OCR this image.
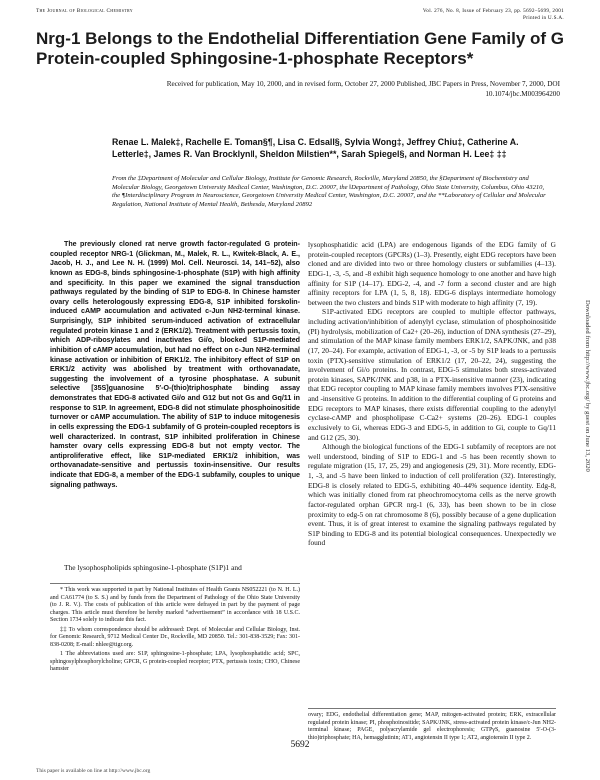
The Journal of Biological Chemistry	Vol. 276, No. 8, Issue of February 23, pp. 5692–5699, 2001
Printed in U.S.A.
Nrg-1 Belongs to the Endothelial Differentiation Gene Family of G Protein-coupled Sphingosine-1-phosphate Receptors*
Received for publication, May 10, 2000, and in revised form, October 27, 2000 Published, JBC Papers in Press, November 7, 2000, DOI 10.1074/jbc.M003964200
Renae L. Malek‡, Rachelle E. Toman§¶, Lisa C. Edsall§, Sylvia Wong‡, Jeffrey Chiu‡, Catherine A. Letterle‡, James R. Van Brocklyn‖, Sheldon Milstien**, Sarah Spiegel§, and Norman H. Lee‡ ‡‡
From the ‡Department of Molecular and Cellular Biology, Institute for Genomic Research, Rockville, Maryland 20850, the §Department of Biochemistry and Molecular Biology, Georgetown University Medical Center, Washington, D.C. 20007, the ‖Department of Pathology, Ohio State University, Columbus, Ohio 43210, the ¶Interdisciplinary Program in Neuroscience, Georgetown University Medical Center, Washington, D.C. 20007, and the **Laboratory of Cellular and Molecular Regulation, National Institute of Mental Health, Bethesda, Maryland 20892
The previously cloned rat nerve growth factor-regulated G protein-coupled receptor NRG-1 (Glickman, M., Malek, R. L., Kwitek-Black, A. E., Jacob, H. J., and Lee N. H. (1999) Mol. Cell. Neurosci. 14, 141–52), also known as EDG-8, binds sphingosine-1-phosphate (S1P) with high affinity and specificity. In this paper we examined the signal transduction pathways regulated by the binding of S1P to EDG-8. In Chinese hamster ovary cells heterologously expressing EDG-8, S1P inhibited forskolin-induced cAMP accumulation and activated c-Jun NH2-terminal kinase. Surprisingly, S1P inhibited serum-induced activation of extracellular regulated protein kinase 1 and 2 (ERK1/2). Treatment with pertussis toxin, which ADP-ribosylates and inactivates Gi/o, blocked S1P-mediated inhibition of cAMP accumulation, but had no effect on c-Jun NH2-terminal kinase activation or inhibition of ERK1/2. The inhibitory effect of S1P on ERK1/2 activity was abolished by treatment with orthovanadate, suggesting the involvement of a tyrosine phosphatase. A subunit selective [35S]guanosine 5′-O-(thio)triphosphate binding assay demonstrates that EDG-8 activated Gi/o and G12 but not Gs and Gq/11 in response to S1P. In agreement, EDG-8 did not stimulate phosphoinositide turnover or cAMP accumulation. The ability of S1P to induce mitogenesis in cells expressing the EDG-1 subfamily of G protein-coupled receptors is well characterized. In contrast, S1P inhibited proliferation in Chinese hamster ovary cells expressing EDG-8 but not empty vector. The antiproliferative effect, like S1P-mediated ERK1/2 inhibition, was orthovanadate-sensitive and pertussis toxin-insensitive. Our results indicate that EDG-8, a member of the EDG-1 subfamily, couples to unique signaling pathways.
The lysophospholipids sphingosine-1-phosphate (S1P)1 and

* This work was supported in part by National Institutes of Health Grants NS052221 (to N. H. L.) and CA61774 (to S. S.) and by funds from the Department of Pathology of the Ohio State University (to J. R. V.). The costs of publication of this article were defrayed in part by the payment of page charges. This article must therefore be hereby marked “advertisement” in accordance with 18 U.S.C. Section 1734 solely to indicate this fact.

‡‡ To whom correspondence should be addressed: Dept. of Molecular and Cellular Biology, Inst. for Genomic Research, 9712 Medical Center Dr., Rockville, MD 20850. Tel.: 301-838-3529; Fax: 301-838-0208; E-mail: nhlee@tigr.org.

1 The abbreviations used are: S1P, sphingosine-1-phosphate; LPA, lysophosphatidic acid; SPC, sphingosylphosphorylcholine; GPCR, G protein-coupled receptor; PTX, pertussis toxin; CHO, Chinese hamster

lysophosphatidic acid (LPA) are endogenous ligands of the EDG family of G protein-coupled receptors (GPCRs) (1–3). Presently, eight EDG receptors have been cloned and are divided into two or three homology clusters or subfamilies (4–13). EDG-1, -3, -5, and -8 exhibit high sequence homology to one another and have high affinity for S1P (14–17). EDG-2, -4, and -7 form a second cluster and are high affinity receptors for LPA (1, 5, 8, 18). EDG-6 displays intermediate homology between the two clusters and binds S1P with moderate to high affinity (7, 19).

S1P-activated EDG receptors are coupled to multiple effector pathways, including activation/inhibition of adenylyl cyclase, stimulation of phosphoinositide (PI) hydrolysis, mobilization of Ca2+ (20–26), induction of DNA synthesis (27–29), and stimulation of the MAP kinase family members ERK1/2, SAPK/JNK, and p38 (17, 20–24). For example, activation of EDG-1, -3, or -5 by S1P leads to a pertussis toxin (PTX)-sensitive stimulation of ERK1/2 (17, 20–22, 24), suggesting the involvement of Gi/o proteins. In contrast, EDG-5 stimulates both stress-activated protein kinases, SAPK/JNK and p38, in a PTX-insensitive manner (23), indicating that EDG receptor coupling to MAP kinase family members involves PTX-sensitive and -insensitive G proteins. In addition to the differential coupling of G proteins and EDG receptors to MAP kinases, there exists differential coupling to the adenylyl cyclase-cAMP and phospholipase C-Ca2+ systems (20–26). EDG-1 couples exclusively to Gi, whereas EDG-3 and EDG-5, in addition to Gi, couple to Gq/11 and G12 (25, 30).

Although the biological functions of the EDG-1 subfamily of receptors are not well understood, binding of S1P to EDG-1 and -5 has been recently shown to regulate migration (15, 17, 25, 29) and angiogenesis (29, 31). More recently, EDG-1, -3, and -5 have been linked to induction of cell proliferation (32). Interestingly, EDG-8 is closely related to EDG-5, exhibiting 40–44% sequence identity. Edg-8, which was initially cloned from rat pheochromocytoma cells as the nerve growth factor-regulated orphan GPCR nrg-1 (6, 33), has been shown to be in close proximity to edg-5 on rat chromosome 8 (6), possibly because of a gene duplication event. Thus, it is of great interest to examine the signaling pathways regulated by S1P binding to EDG-8 and its potential biological consequences. Unexpectedly we found

ovary; EDG, endothelial differentiation gene; MAP, mitogen-activated protein; ERK, extracellular regulated protein kinase; PI, phosphoinositide; SAPK/JNK, stress-activated protein kinase/c-Jun NH2-terminal kinase; PAGE, polyacrylamide gel electrophoresis; GTPγS, guanosine 5′-O-(3-thio)triphosphate; HA, hemagglutinin; AT1, angiotensin II type 1; AT2, angiotensin II type 2.
5692
This paper is available on line at http://www.jbc.org
Downloaded from http://www.jbc.org/ by guest on June 13, 2020
